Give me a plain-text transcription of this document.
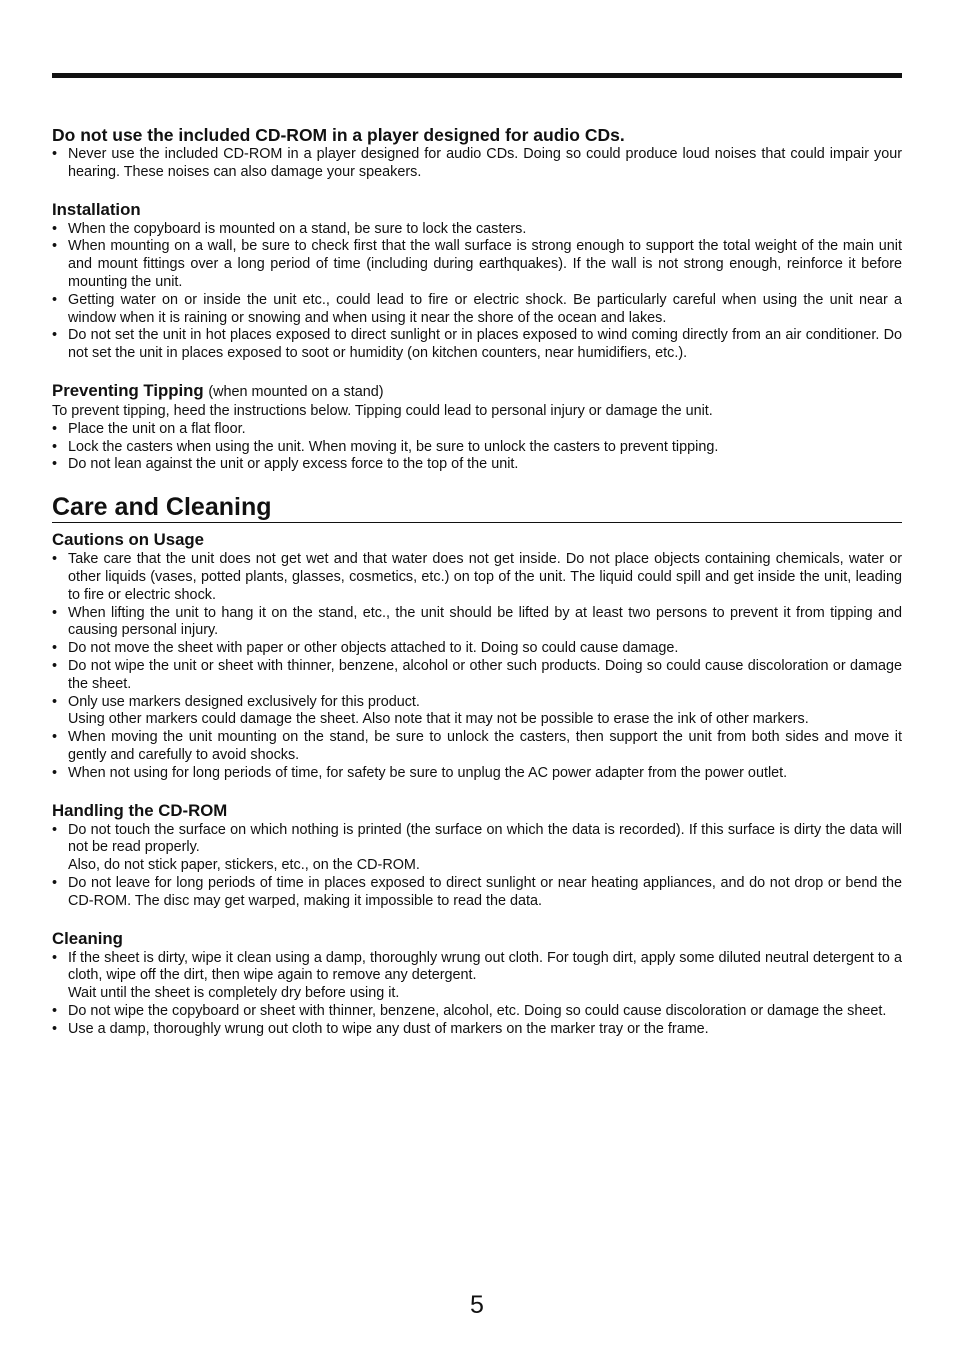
Do not use the included CD-ROM in a player designed for audio CDs.
• Never use the included CD-ROM in a player designed for audio CDs. Doing so could produce loud noises that could impair your hearing. These noises can also damage your speakers.
Installation
• When the copyboard is mounted on a stand, be sure to lock the casters.
• When mounting on a wall, be sure to check first that the wall surface is strong enough to support the total weight of the main unit and mount fittings over a long period of time (including during earthquakes). If the wall is not strong enough, reinforce it before mounting the unit.
• Getting water on or inside the unit etc., could lead to fire or electric shock. Be particularly careful when using the unit near a window when it is raining or snowing and when using it near the shore of the ocean and lakes.
• Do not set the unit in hot places exposed to direct sunlight or in places exposed to wind coming directly from an air conditioner. Do not set the unit in places exposed to soot or humidity (on kitchen counters, near humidifiers, etc.).
Preventing Tipping (when mounted on a stand)

To prevent tipping, heed the instructions below. Tipping could lead to personal injury or damage the unit.

• Place the unit on a flat floor.
• Lock the casters when using the unit. When moving it, be sure to unlock the casters to prevent tipping.
• Do not lean against the unit or apply excess force to the top of the unit.
Care and Cleaning
Cautions on Usage
• Take care that the unit does not get wet and that water does not get inside. Do not place objects containing chemicals, water or other liquids (vases, potted plants, glasses, cosmetics, etc.) on top of the unit. The liquid could spill and get inside the unit, leading to fire or electric shock.
• When lifting the unit to hang it on the stand, etc., the unit should be lifted by at least two persons to prevent it from tipping and causing personal injury.
• Do not move the sheet with paper or other objects attached to it. Doing so could cause damage.
• Do not wipe the unit or sheet with thinner, benzene, alcohol or other such products. Doing so could cause discoloration or damage the sheet.
• Only use markers designed exclusively for this product.
Using other markers could damage the sheet. Also note that it may not be possible to erase the ink of other markers.
• When moving the unit mounting on the stand, be sure to unlock the casters, then support the unit from both sides and move it gently and carefully to avoid shocks.
• When not using for long periods of time, for safety be sure to unplug the AC power adapter from the power outlet.
Handling the CD-ROM
• Do not touch the surface on which nothing is printed (the surface on which the data is recorded). If this surface is dirty the data will not be read properly.
Also, do not stick paper, stickers, etc., on the CD-ROM.
• Do not leave for long periods of time in places exposed to direct sunlight or near heating appliances, and do not drop or bend the CD-ROM. The disc may get warped, making it impossible to read the data.
Cleaning
• If the sheet is dirty, wipe it clean using a damp, thoroughly wrung out cloth. For tough dirt, apply some diluted neutral detergent to a cloth, wipe off the dirt, then wipe again to remove any detergent.
Wait until the sheet is completely dry before using it.
• Do not wipe the copyboard or sheet with thinner, benzene, alcohol, etc. Doing so could cause discoloration or damage the sheet.
• Use a damp, thoroughly wrung out cloth to wipe any dust of markers on the marker tray or the frame.
5
